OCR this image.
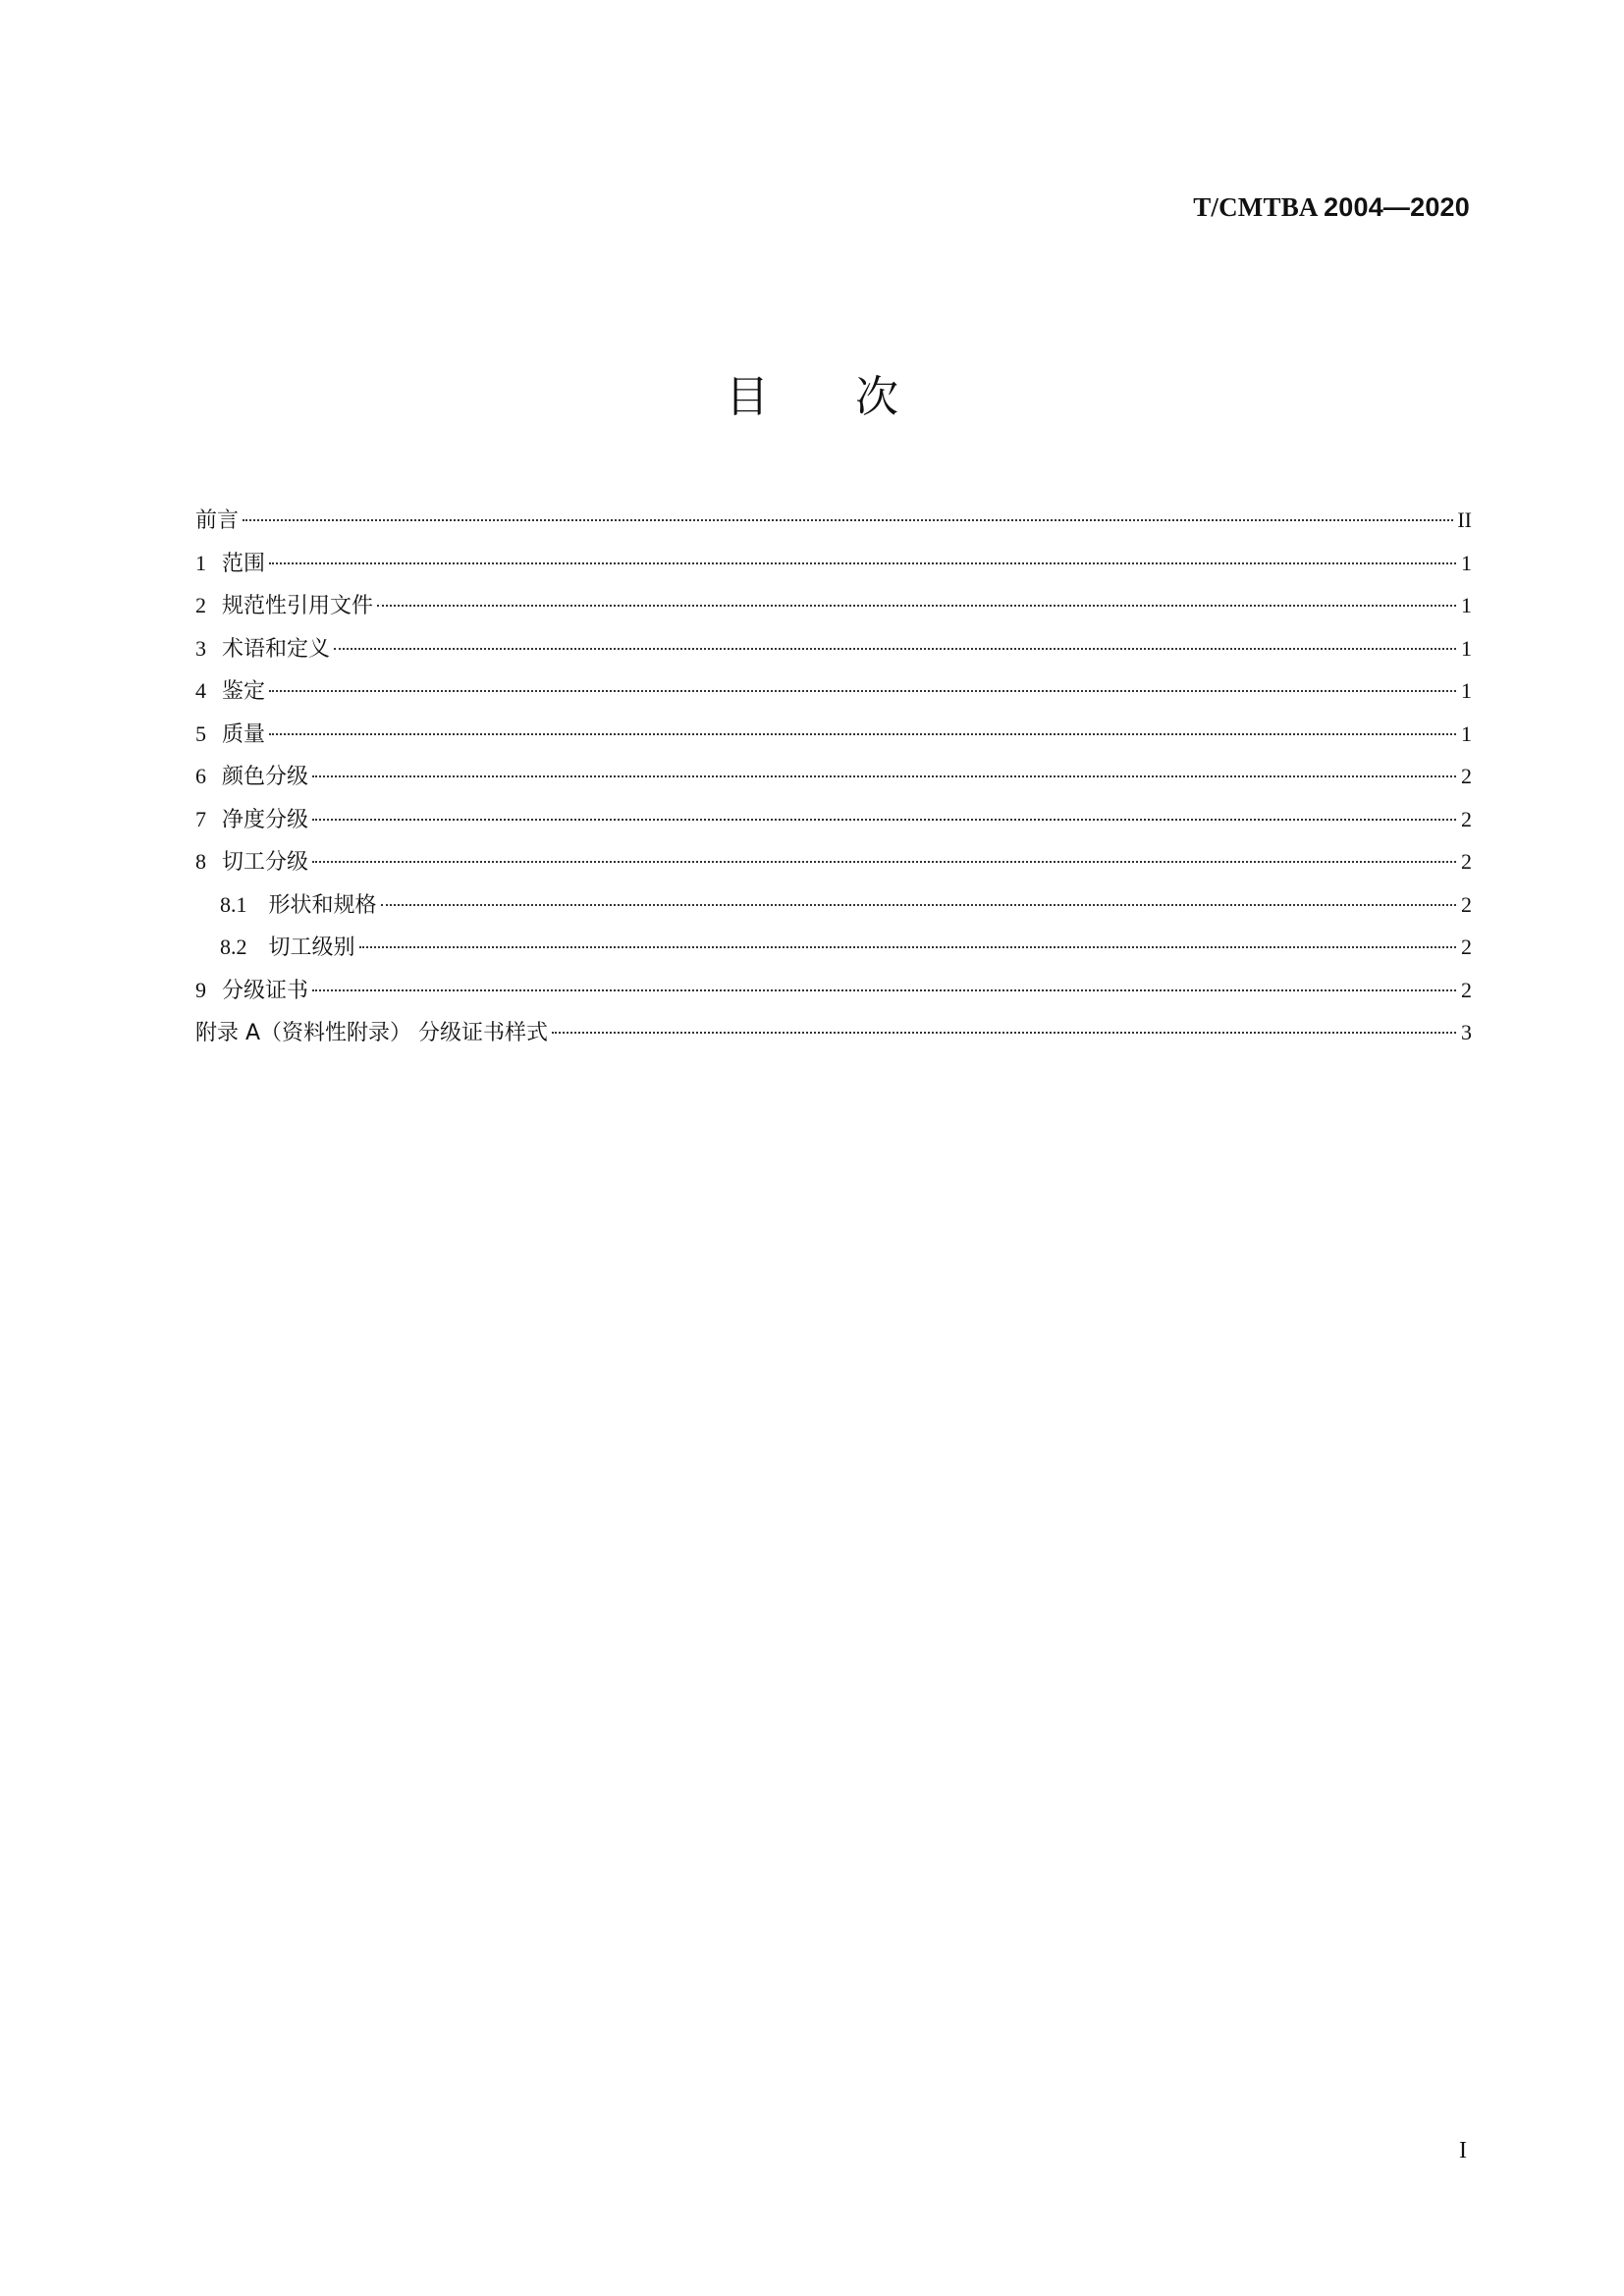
T/CMTBA 2004—2020
目次
前言	II
1 范围	1
2 规范性引用文件	1
3 术语和定义	1
4 鉴定	1
5 质量	1
6 颜色分级	2
7 净度分级	2
8 切工分级	2
8.1 形状和规格	2
8.2 切工级别	2
9 分级证书	2
附录 A（资料性附录） 分级证书样式	3
I
